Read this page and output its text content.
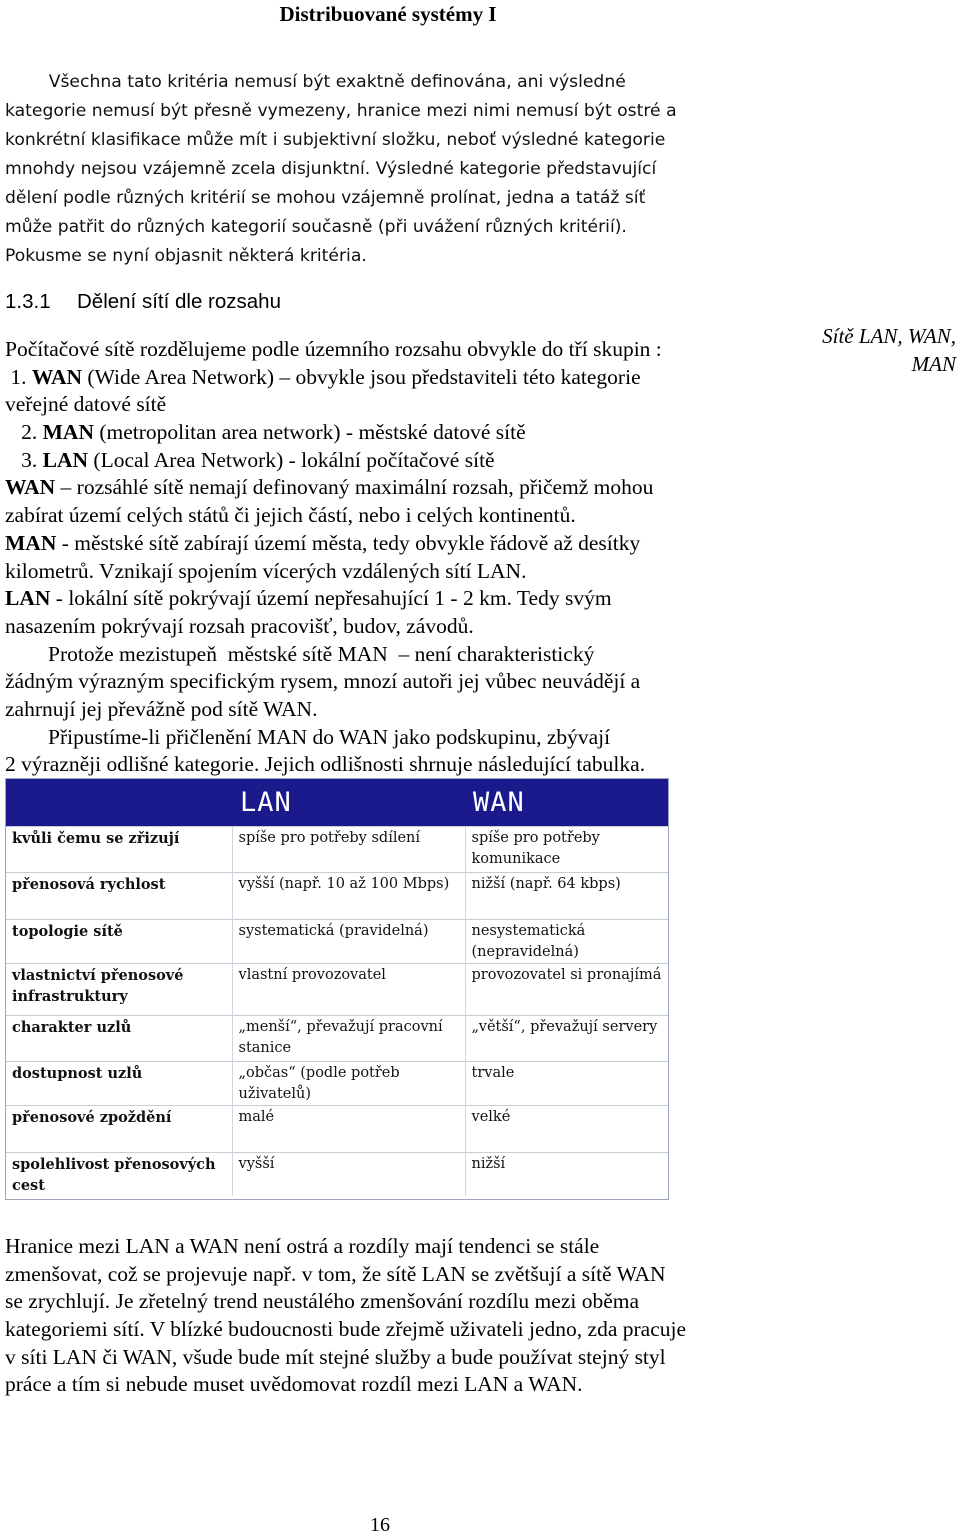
Distribuované systémy I
Všechna tato kritéria nemusí být exaktně definována, ani výsledné
kategorie nemusí být přesně vymezeny, hranice mezi nimi nemusí být ostré a
konkrétní klasifikace může mít i subjektivní složku, neboť výsledné kategorie
mnohdy nejsou vzájemně zcela disjunktní. Výsledné kategorie představující
dělení podle různých kritérií se mohou vzájemně prolínat, jedna a tatáž síť
může patřit do různých kategorií současně (při uvážení různých kritérií).
Pokusme se nyní objasnit některá kritéria.
1.3.1 Dělení sítí dle rozsahu
Sítě LAN, WAN,
MAN
Počítačové sítě rozdělujeme podle územního rozsahu obvykle do tří skupin :
1. WAN (Wide Area Network) – obvykle jsou představiteli této kategorie
veřejné datové sítě
2. MAN (metropolitan area network) - městské datové sítě
3. LAN (Local Area Network) - lokální počítačové sítě
WAN – rozsáhlé sítě nemají definovaný maximální rozsah, přičemž mohou
zabírat území celých států či jejich částí, nebo i celých kontinentů.
MAN - městské sítě zabírají území města, tedy obvykle řádově až desítky
kilometrů. Vznikají spojením vícerých vzdálených sítí LAN.
LAN - lokální sítě pokrývají území nepřesahující 1 - 2 km. Tedy svým
nasazením pokrývají rozsah pracovišť, budov, závodů.
Protože mezistupeň  městské sítě MAN  – není charakteristický
žádným výrazným specifickým rysem, mnozí autoři jej vůbec neuvádějí a
zahrnují jej převážně pod sítě WAN.
Připustíme-li přičlenění MAN do WAN jako podskupinu, zbývají
2 výrazněji odlišné kategorie. Jejich odlišnosti shrnuje následující tabulka.
	LAN	WAN
kvůli čemu se zřizují	spíše pro potřeby sdílení	spíše pro potřeby komunikace
přenosová rychlost	vyšší (např. 10 až 100 Mbps)	nižší (např. 64 kbps)
topologie sítě	systematická (pravidelná)	nesystematická (nepravidelná)
vlastnictví přenosové infrastruktury	vlastní provozovatel	provozovatel si pronajímá
charakter uzlů	„menší“, převažují pracovní stanice	„větší“, převažují servery
dostupnost uzlů	„občas“ (podle potřeb uživatelů)	trvale
přenosové zpoždění	malé	velké
spolehlivost přenosových cest	vyšší	nižší
Hranice mezi LAN a WAN není ostrá a rozdíly mají tendenci se stále
zmenšovat, což se projevuje např. v tom, že sítě LAN se zvětšují a sítě WAN
se zrychlují. Je zřetelný trend neustálého zmenšování rozdílu mezi oběma
kategoriemi sítí. V blízké budoucnosti bude zřejmě uživateli jedno, zda pracuje
v síti LAN či WAN, všude bude mít stejné služby a bude používat stejný styl
práce a tím si nebude muset uvědomovat rozdíl mezi LAN a WAN.
16
